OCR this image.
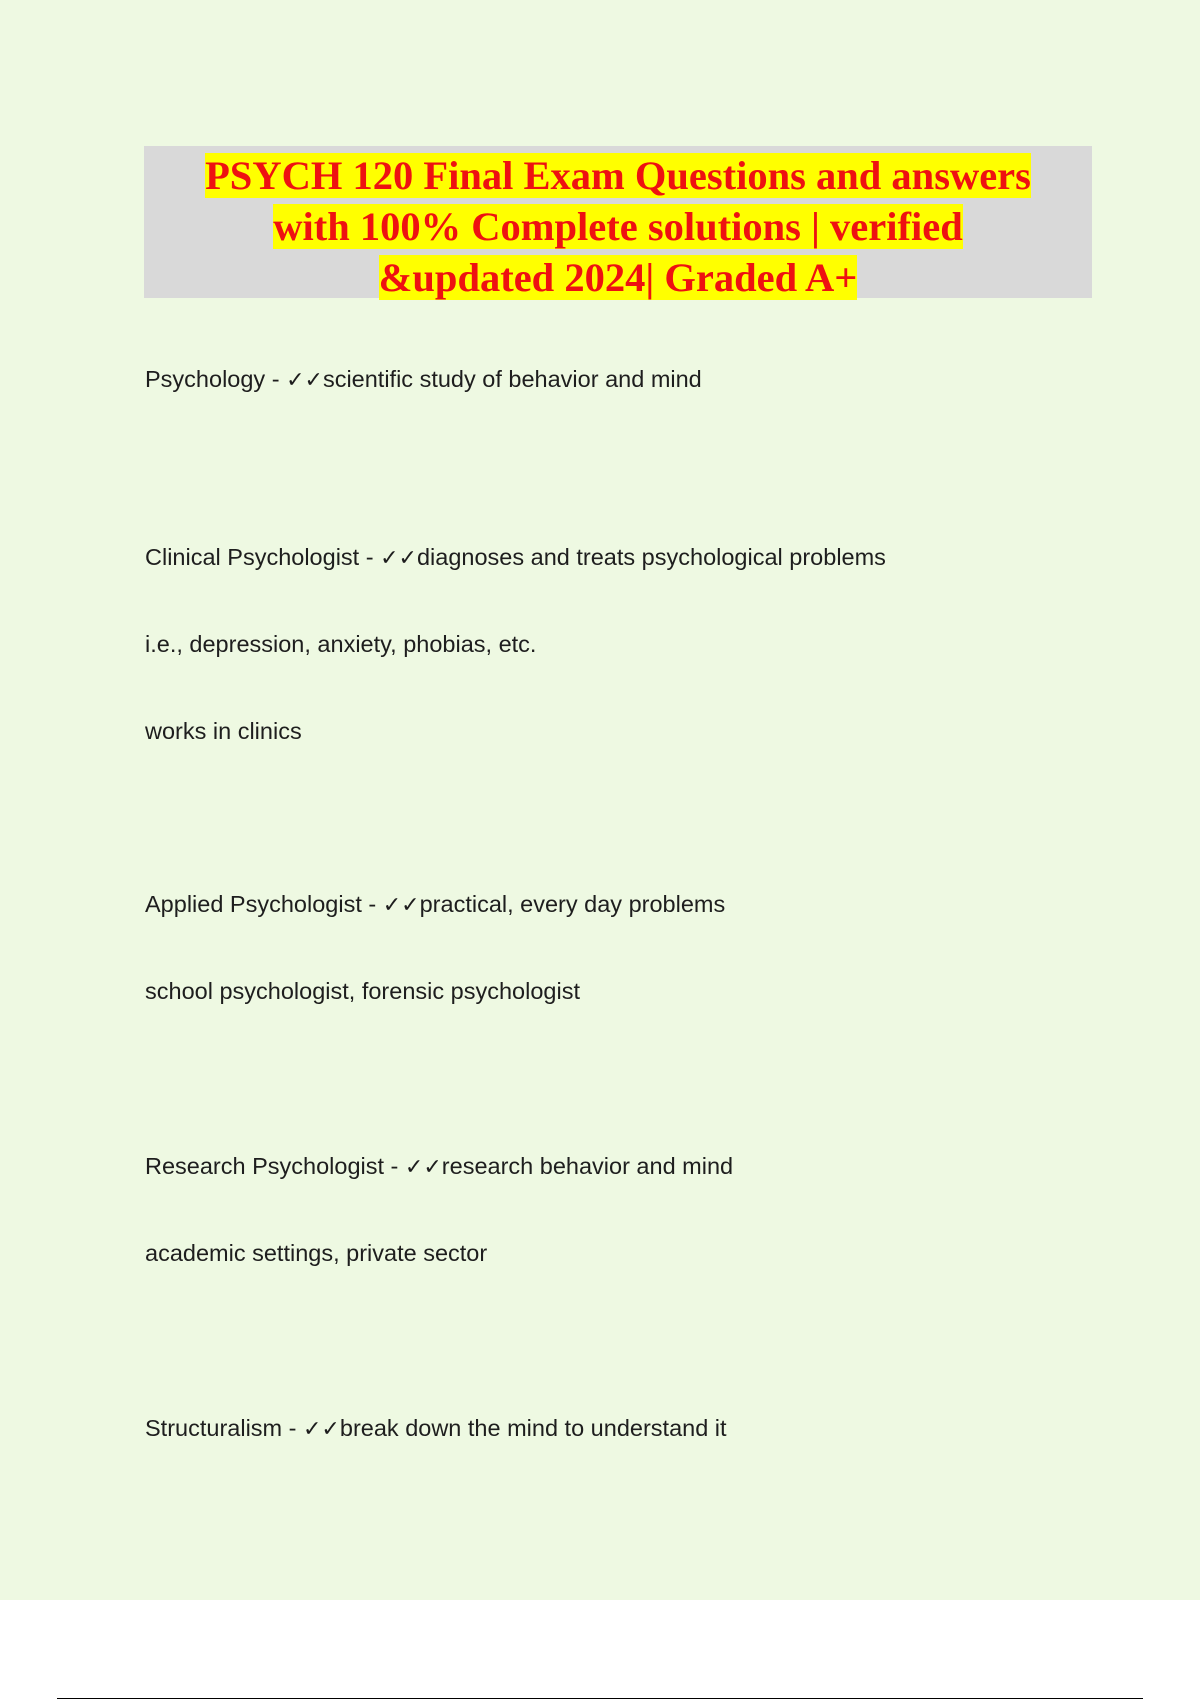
PSYCH 120 Final Exam Questions and answers
with 100% Complete solutions | verified
&updated 2024| Graded A+

Psychology - ✓✓scientific study of behavior and mind

Clinical Psychologist - ✓✓diagnoses and treats psychological problems

i.e., depression, anxiety, phobias, etc.

works in clinics

Applied Psychologist - ✓✓practical, every day problems

school psychologist, forensic psychologist

Research Psychologist - ✓✓research behavior and mind

academic settings, private sector

Structuralism - ✓✓break down the mind to understand it
